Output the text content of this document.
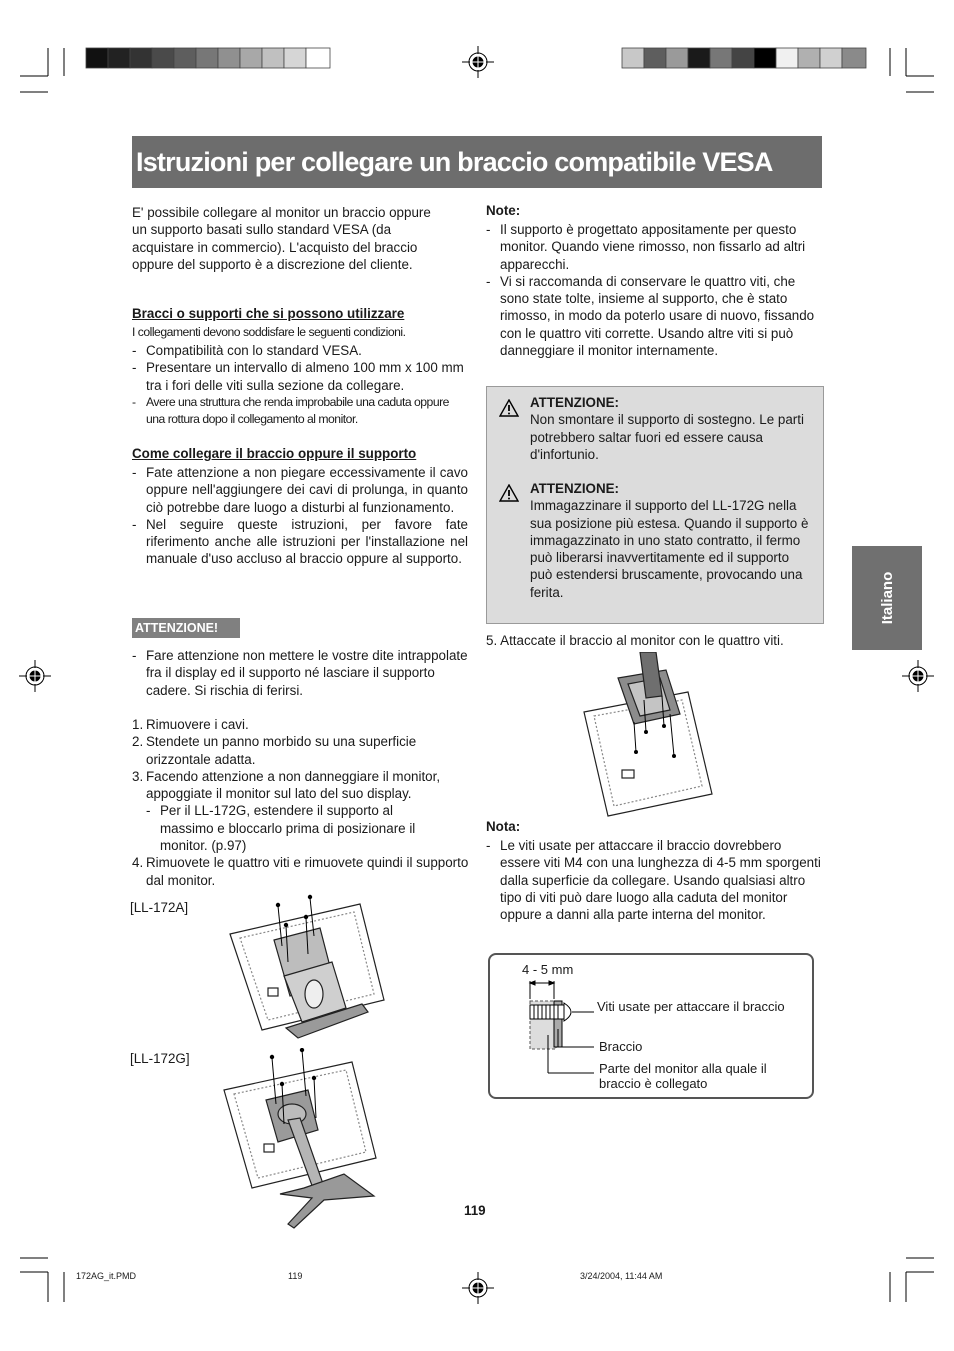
Istruzioni per collegare un braccio compatibile VESA
Italiano
E' possibile collegare al monitor un braccio oppure un supporto basati sullo standard VESA (da acquistare in commercio). L'acquisto del braccio oppure del supporto è a discrezione del cliente.
Bracci o supporti che si possono utilizzare
I collegamenti devono soddisfare le seguenti condizioni.
- Compatibilità con lo standard VESA.
- Presentare un intervallo di almeno 100 mm x 100 mm tra i fori delle viti sulla sezione da collegare.
- Avere una struttura che renda improbabile una caduta oppure una rottura dopo il collegamento al monitor.
Come collegare il braccio oppure il supporto
- Fate attenzione a non piegare eccessivamente il cavo oppure nell'aggiungere dei cavi di prolunga, in quanto ciò potrebbe dare luogo a disturbi al funzionamento.
- Nel seguire queste istruzioni, per favore fate riferimento anche alle istruzioni per l'installazione nel manuale d'uso accluso al braccio oppure al supporto.
ATTENZIONE!
- Fare attenzione non mettere le vostre dite intrappolate fra il display ed il supporto né lasciare il supporto cadere. Si rischia di ferirsi.
1. Rimuovere i cavi.
2. Stendete un panno morbido su una superficie orizzontale adatta.
3. Facendo attenzione a non danneggiare il monitor, appoggiate il monitor sul lato del suo display.
- Per il LL-172G, estendere il supporto al massimo e bloccarlo prima di posizionare il monitor. (p.97)
4. Rimuovete le quattro viti e rimuovete quindi il supporto dal monitor.
[LL-172A]
[LL-172G]
Note:
- Il supporto è progettato appositamente per questo monitor. Quando viene rimosso, non fissarlo ad altri apparecchi.
- Vi si raccomanda di conservare le quattro viti, che sono state tolte, insieme al supporto, che è stato rimosso, in modo da poterlo usare di nuovo, fissando con le quattro viti corrette. Usando altre viti si può danneggiare il monitor internamente.
ATTENZIONE:
Non smontare il supporto di sostegno. Le parti potrebbero saltar fuori ed essere causa d'infortunio.
ATTENZIONE:
Immagazzinare il supporto del LL-172G nella sua posizione più estesa. Quando il supporto è immagazzinato in uno stato contratto, il fermo può liberarsi inavvertitamente ed il supporto può estendersi bruscamente, provocando una ferita.
5. Attaccate il braccio al monitor con le quattro viti.
Nota:
- Le viti usate per attaccare il braccio dovrebbero essere viti M4 con una lunghezza di 4-5 mm sporgenti dalla superficie da collegare. Usando qualsiasi altro tipo di viti può dare luogo alla caduta del monitor oppure a danni alla parte interna del monitor.
4 - 5 mm
Viti usate per attaccare il braccio
Braccio
Parte del monitor alla quale il braccio è collegato
119
172AG_it.PMD	119	3/24/2004, 11:44 AM
